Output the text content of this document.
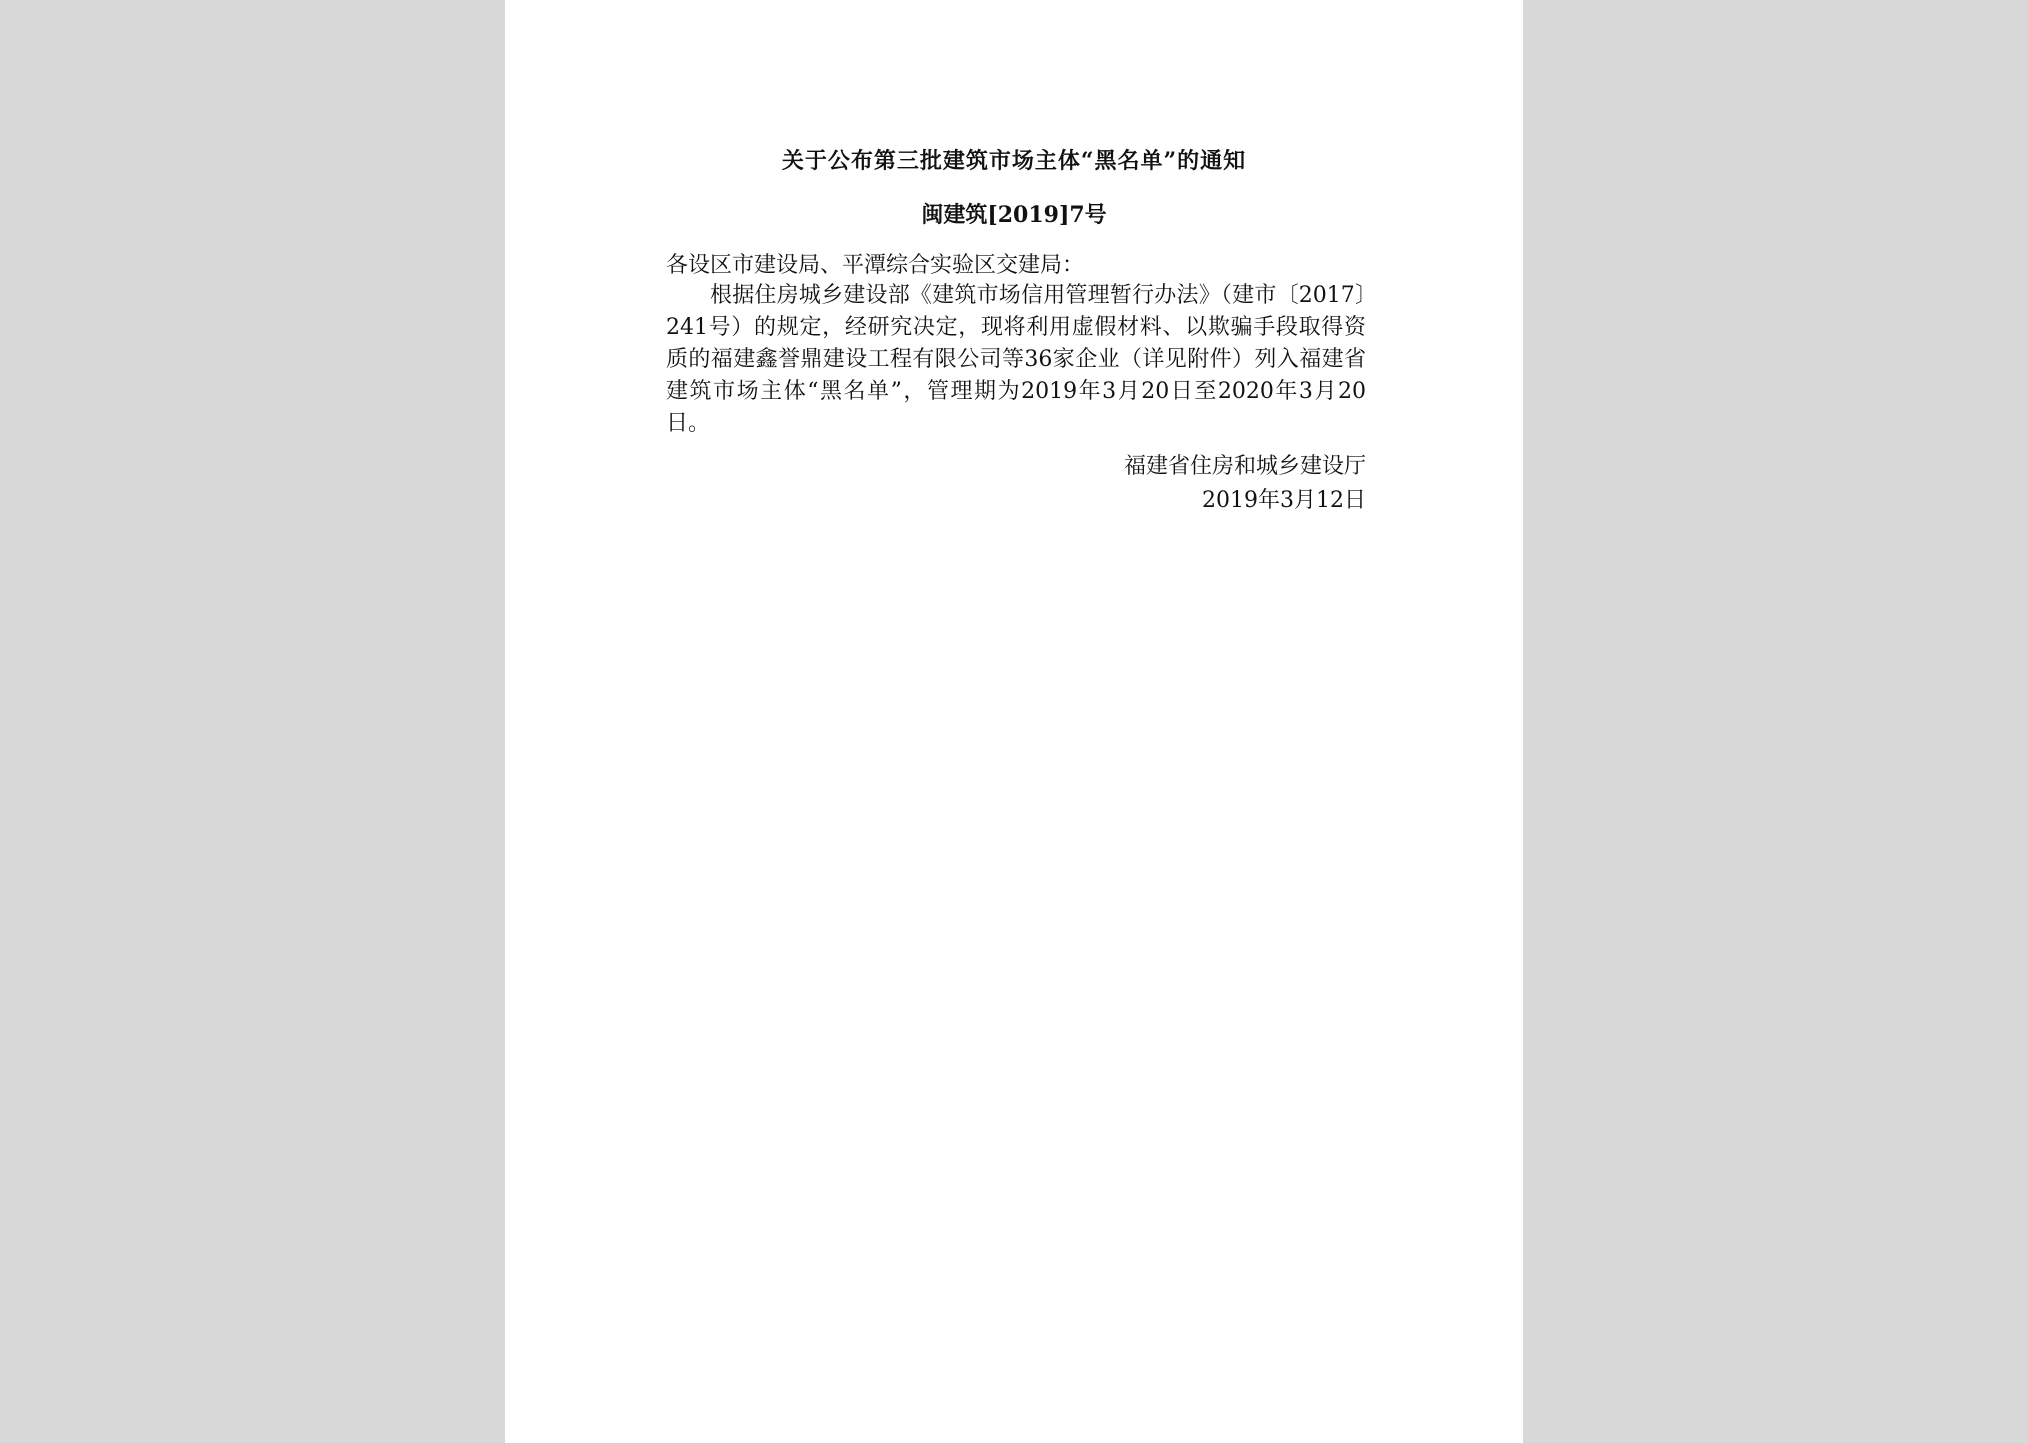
关于公布第三批建筑市场主体“黑名单”的通知
闽建筑[2019]7号
各设区市建设局、平潭综合实验区交建局：
根据住房城乡建设部《建筑市场信用管理暂行办法》（建市〔2017〕241号）的规定，经研究决定，现将利用虚假材料、以欺骗手段取得资质的福建鑫誉鼎建设工程有限公司等36家企业（详见附件）列入福建省建筑市场主体“黑名单”，管理期为2019年3月20日至2020年3月20日。
福建省住房和城乡建设厅
2019年3月12日
